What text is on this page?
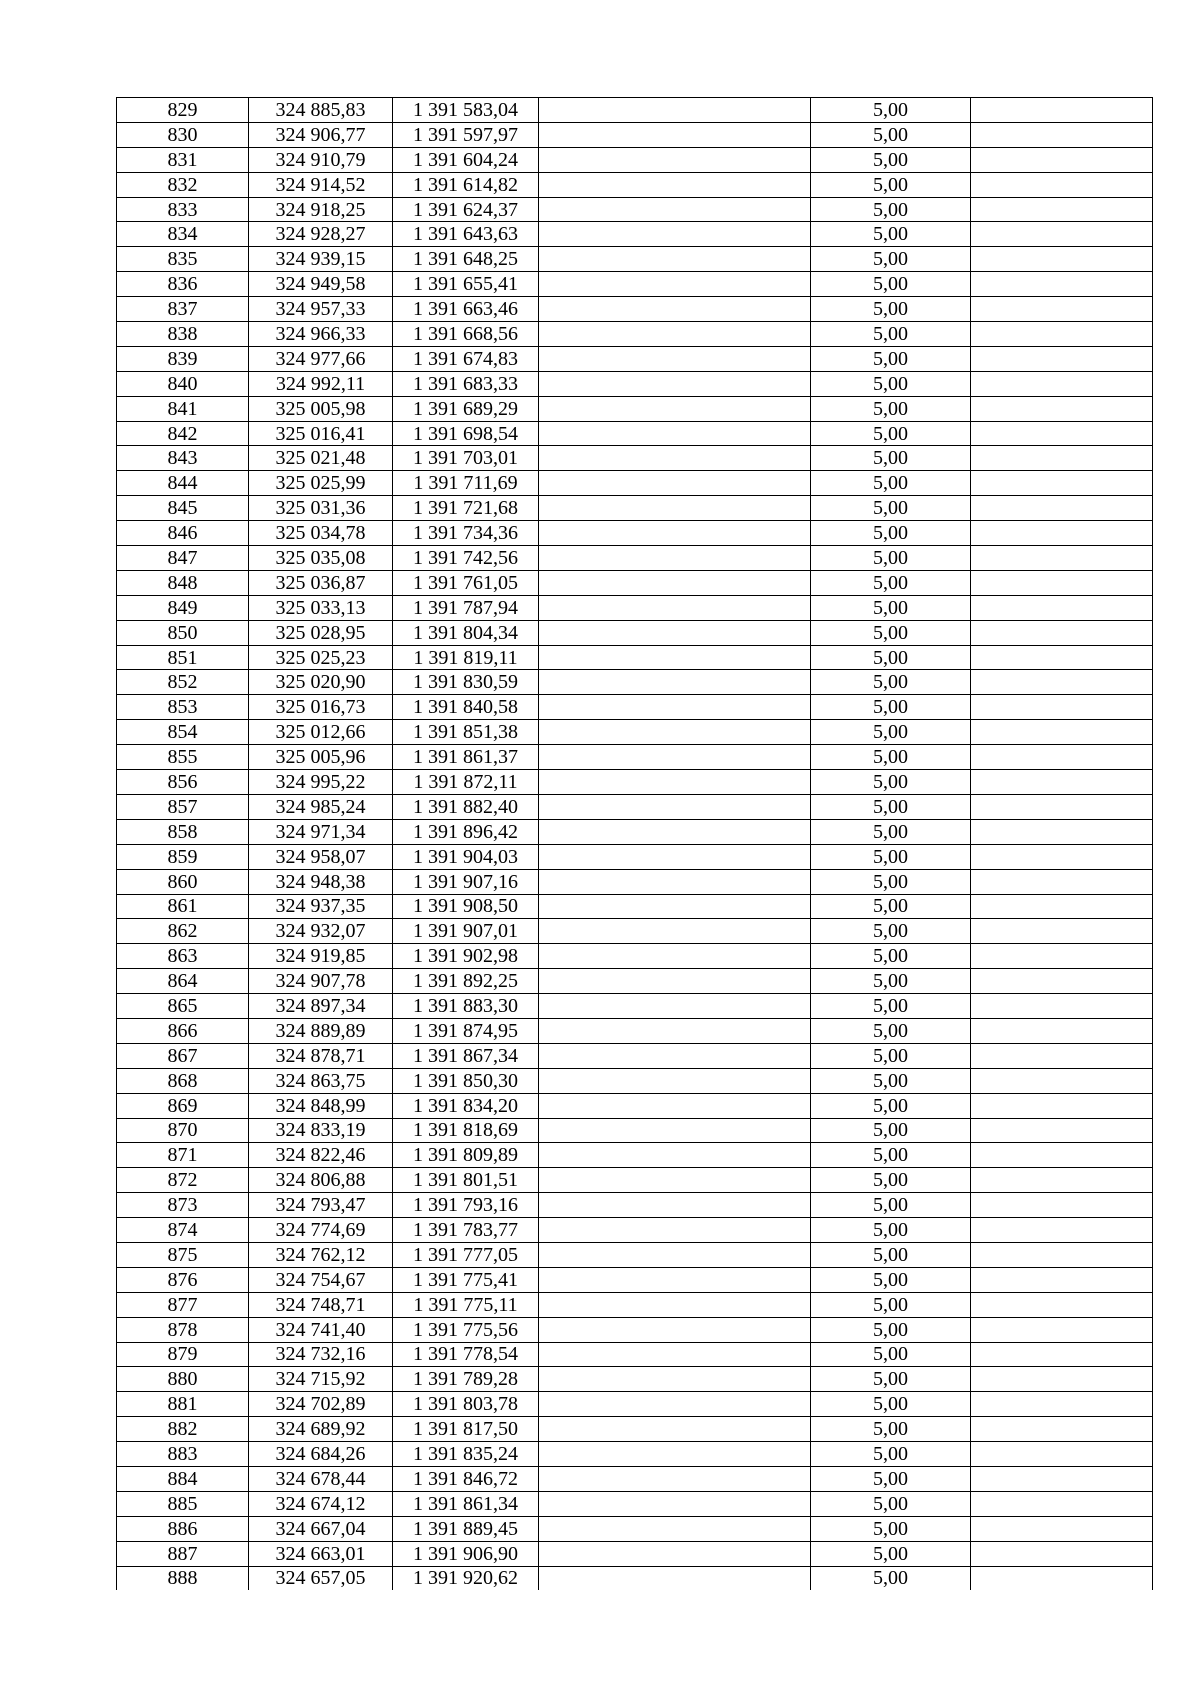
829	324 885,83	1 391 583,04		5,00	
830	324 906,77	1 391 597,97		5,00	
831	324 910,79	1 391 604,24		5,00	
832	324 914,52	1 391 614,82		5,00	
833	324 918,25	1 391 624,37		5,00	
834	324 928,27	1 391 643,63		5,00	
835	324 939,15	1 391 648,25		5,00	
836	324 949,58	1 391 655,41		5,00	
837	324 957,33	1 391 663,46		5,00	
838	324 966,33	1 391 668,56		5,00	
839	324 977,66	1 391 674,83		5,00	
840	324 992,11	1 391 683,33		5,00	
841	325 005,98	1 391 689,29		5,00	
842	325 016,41	1 391 698,54		5,00	
843	325 021,48	1 391 703,01		5,00	
844	325 025,99	1 391 711,69		5,00	
845	325 031,36	1 391 721,68		5,00	
846	325 034,78	1 391 734,36		5,00	
847	325 035,08	1 391 742,56		5,00	
848	325 036,87	1 391 761,05		5,00	
849	325 033,13	1 391 787,94		5,00	
850	325 028,95	1 391 804,34		5,00	
851	325 025,23	1 391 819,11		5,00	
852	325 020,90	1 391 830,59		5,00	
853	325 016,73	1 391 840,58		5,00	
854	325 012,66	1 391 851,38		5,00	
855	325 005,96	1 391 861,37		5,00	
856	324 995,22	1 391 872,11		5,00	
857	324 985,24	1 391 882,40		5,00	
858	324 971,34	1 391 896,42		5,00	
859	324 958,07	1 391 904,03		5,00	
860	324 948,38	1 391 907,16		5,00	
861	324 937,35	1 391 908,50		5,00	
862	324 932,07	1 391 907,01		5,00	
863	324 919,85	1 391 902,98		5,00	
864	324 907,78	1 391 892,25		5,00	
865	324 897,34	1 391 883,30		5,00	
866	324 889,89	1 391 874,95		5,00	
867	324 878,71	1 391 867,34		5,00	
868	324 863,75	1 391 850,30		5,00	
869	324 848,99	1 391 834,20		5,00	
870	324 833,19	1 391 818,69		5,00	
871	324 822,46	1 391 809,89		5,00	
872	324 806,88	1 391 801,51		5,00	
873	324 793,47	1 391 793,16		5,00	
874	324 774,69	1 391 783,77		5,00	
875	324 762,12	1 391 777,05		5,00	
876	324 754,67	1 391 775,41		5,00	
877	324 748,71	1 391 775,11		5,00	
878	324 741,40	1 391 775,56		5,00	
879	324 732,16	1 391 778,54		5,00	
880	324 715,92	1 391 789,28		5,00	
881	324 702,89	1 391 803,78		5,00	
882	324 689,92	1 391 817,50		5,00	
883	324 684,26	1 391 835,24		5,00	
884	324 678,44	1 391 846,72		5,00	
885	324 674,12	1 391 861,34		5,00	
886	324 667,04	1 391 889,45		5,00	
887	324 663,01	1 391 906,90		5,00	
888	324 657,05	1 391 920,62		5,00	
